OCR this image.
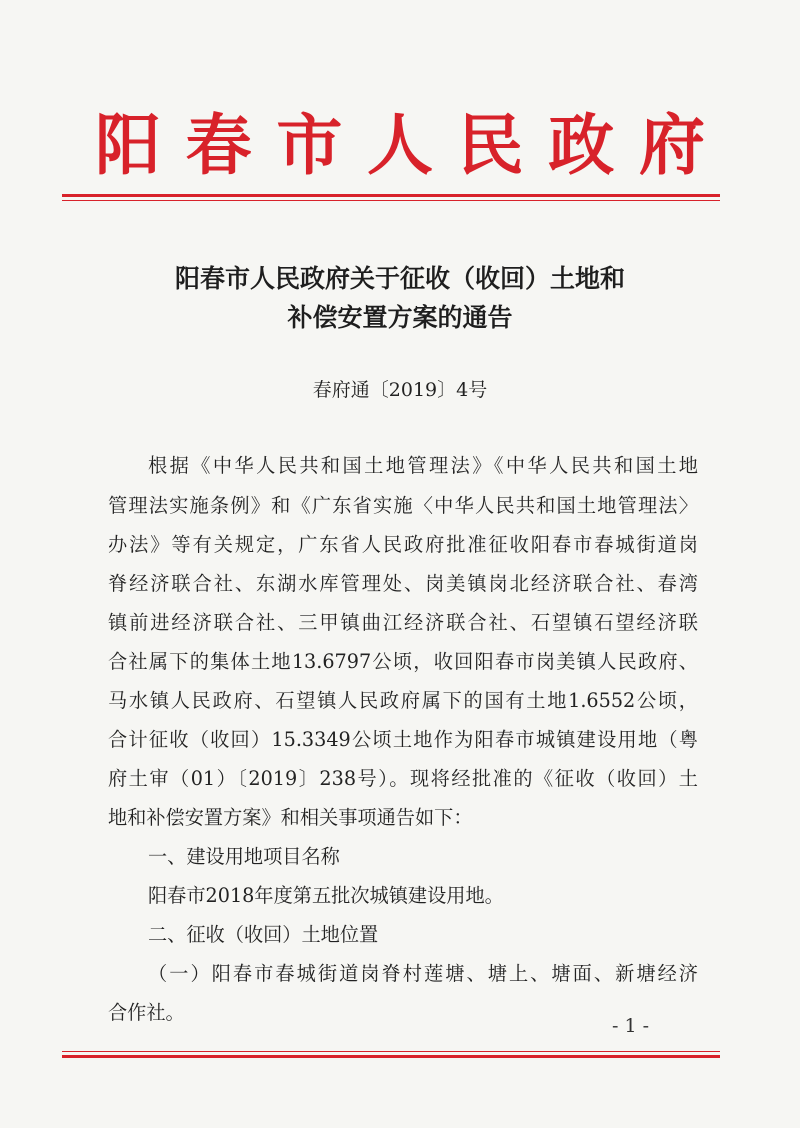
阳 春 市 人 民 政 府
阳春市人民政府关于征收（收回）土地和
补偿安置方案的通告
春府通〔2019〕4号
根据《中华人民共和国土地管理法》《中华人民共和国土地
管理法实施条例》和《广东省实施〈中华人民共和国土地管理法〉
办法》等有关规定，广东省人民政府批准征收阳春市春城街道岗
脊经济联合社、东湖水库管理处、岗美镇岗北经济联合社、春湾
镇前进经济联合社、三甲镇曲江经济联合社、石望镇石望经济联
合社属下的集体土地13.6797公顷，收回阳春市岗美镇人民政府、
马水镇人民政府、石望镇人民政府属下的国有土地1.6552公顷，
合计征收（收回）15.3349公顷土地作为阳春市城镇建设用地（粤
府土审（01）〔2019〕238号）。现将经批准的《征收（收回）土
地和补偿安置方案》和相关事项通告如下：
一、建设用地项目名称
阳春市2018年度第五批次城镇建设用地。
二、征收（收回）土地位置
（一）阳春市春城街道岗脊村莲塘、塘上、塘面、新塘经济
合作社。
- 1 -
